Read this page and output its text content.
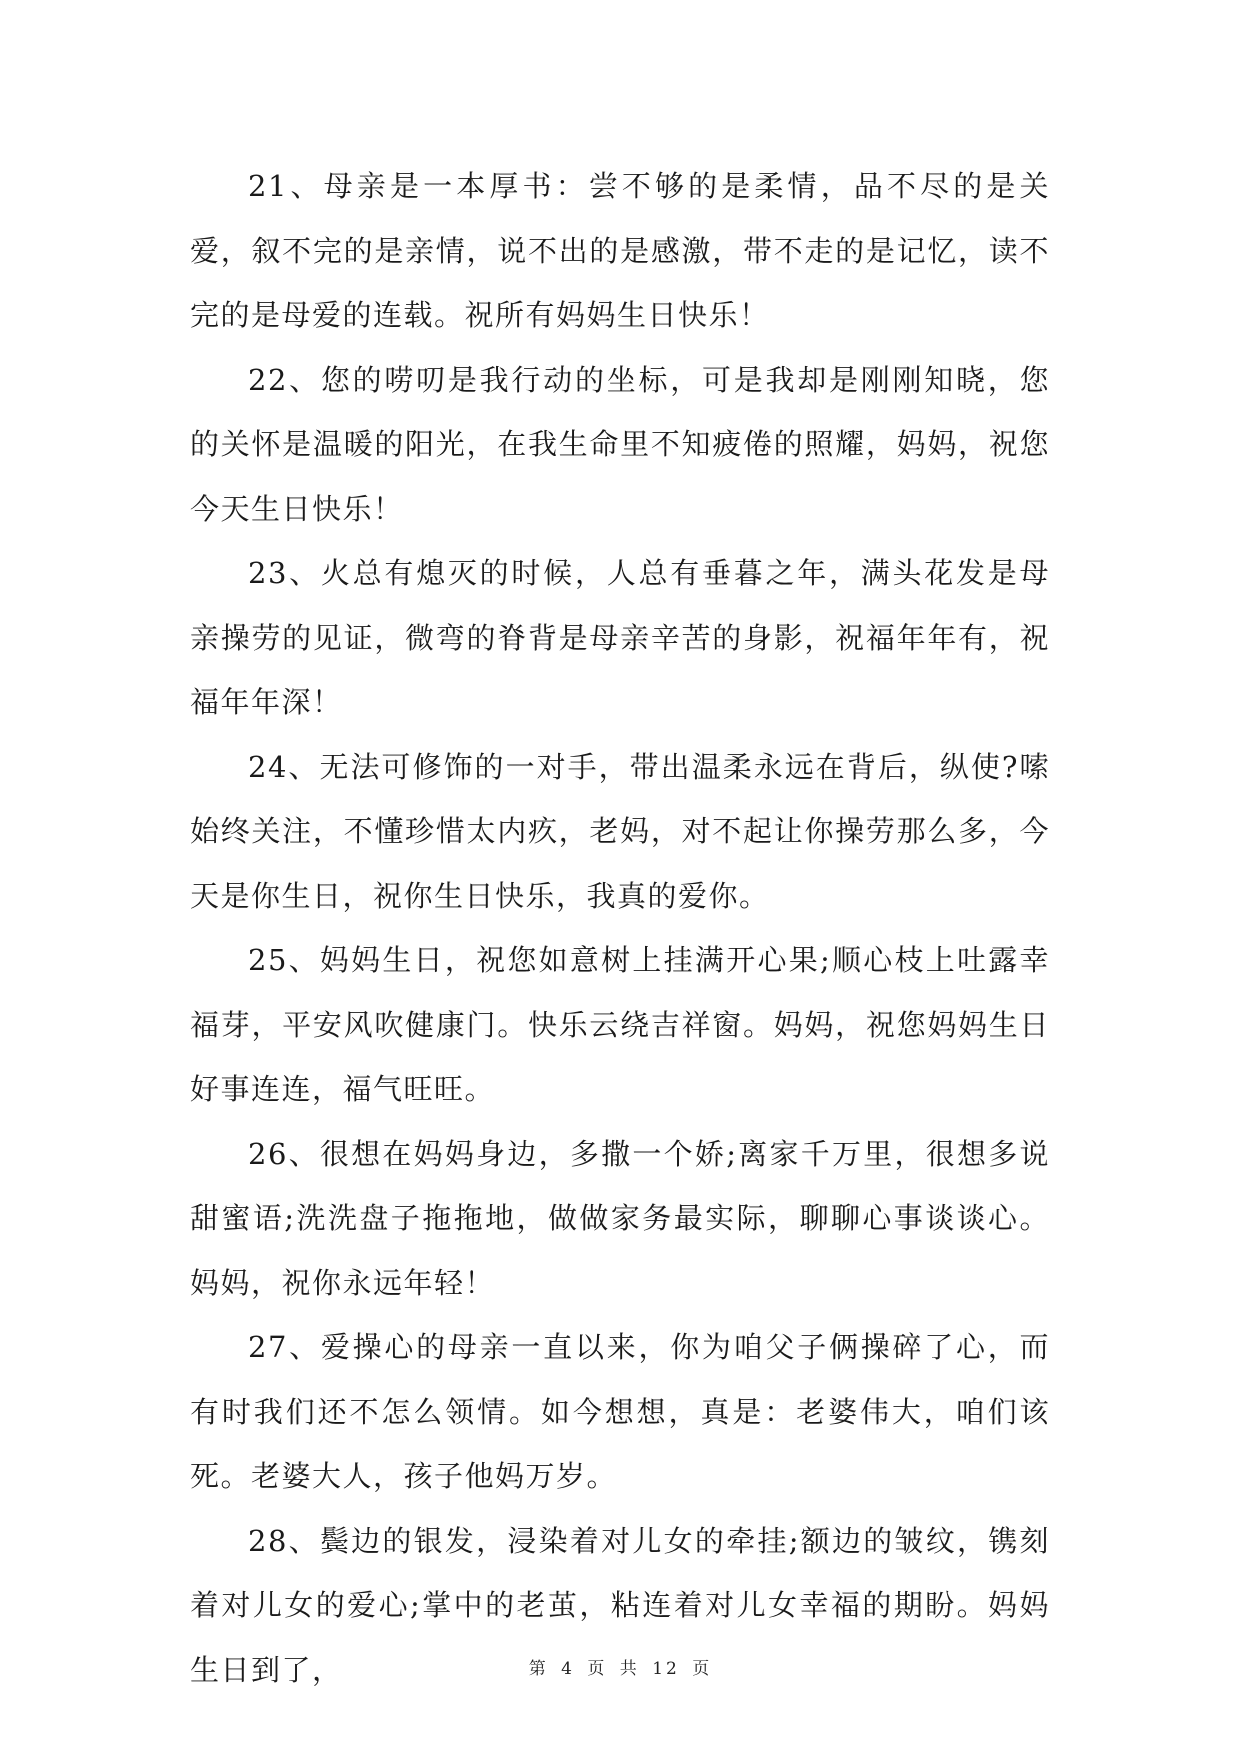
21、母亲是一本厚书：尝不够的是柔情，品不尽的是关爱，叙不完的是亲情，说不出的是感激，带不走的是记忆，读不完的是母爱的连载。祝所有妈妈生日快乐！

22、您的唠叨是我行动的坐标，可是我却是刚刚知晓，您的关怀是温暖的阳光，在我生命里不知疲倦的照耀，妈妈，祝您今天生日快乐！

23、火总有熄灭的时候，人总有垂暮之年，满头花发是母亲操劳的见证，微弯的脊背是母亲辛苦的身影，祝福年年有，祝福年年深！

24、无法可修饰的一对手，带出温柔永远在背后，纵使?嗦始终关注，不懂珍惜太内疚，老妈，对不起让你操劳那么多，今天是你生日，祝你生日快乐，我真的爱你。

25、妈妈生日，祝您如意树上挂满开心果;顺心枝上吐露幸福芽，平安风吹健康门。快乐云绕吉祥窗。妈妈，祝您妈妈生日好事连连，福气旺旺。

26、很想在妈妈身边，多撒一个娇;离家千万里，很想多说甜蜜语;洗洗盘子拖拖地，做做家务最实际，聊聊心事谈谈心。妈妈，祝你永远年轻！

27、爱操心的母亲一直以来，你为咱父子俩操碎了心，而有时我们还不怎么领情。如今想想，真是：老婆伟大，咱们该死。老婆大人，孩子他妈万岁。

28、鬓边的银发，浸染着对儿女的牵挂;额边的皱纹，镌刻着对儿女的爱心;掌中的老茧，粘连着对儿女幸福的期盼。妈妈生日到了，	第 4 页 共 12 页
